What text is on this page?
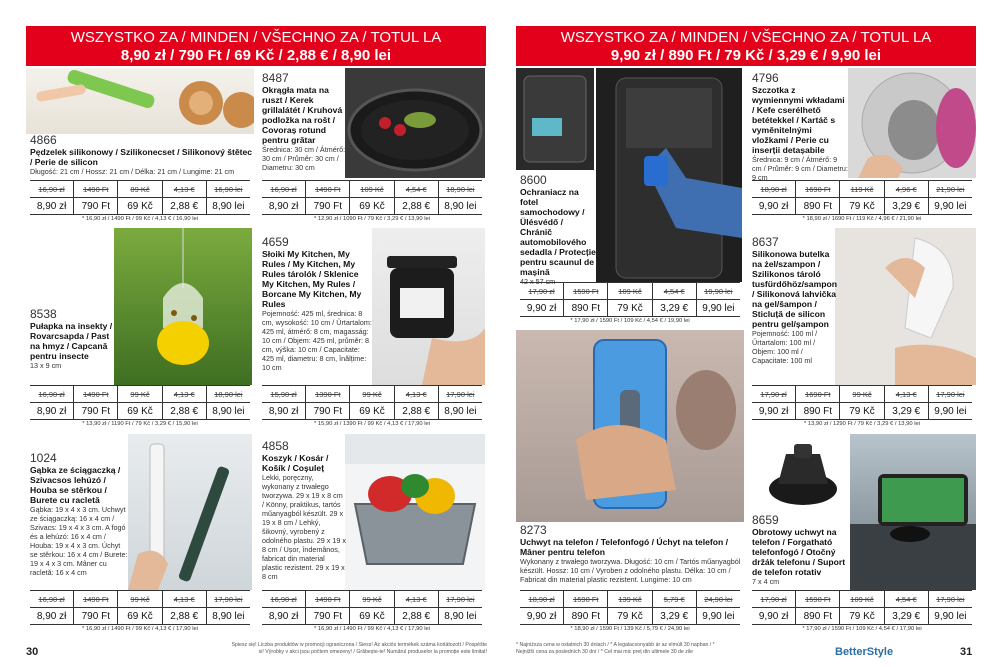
WSZYSTKO ZA / MINDEN / VŠECHNO ZA / TOTUL LA
8,90 zł / 790 Ft / 69 Kč / 2,88 € / 8,90 lei
4866
Pędzelek silikonowy / Szilikonecset / Silikonový štětec / Perie de silicon
Długość: 21 cm / Hossz: 21 cm / Délka: 21 cm / Lungime: 21 cm
16,90 zł	1490 Ft	89 Kč	4,13 €	16,90 lei
8,90 zł	790 Ft	69 Kč	2,88 €	8,90 lei
* 16,90 zł / 1490 Ft / 99 Kč / 4,13 € / 16,90 lei
8487
Okrągła mata na ruszt / Kerek grillalátét / Kruhová podložka na rošt / Covoraș rotund pentru grătar
Średnica: 30 cm / Átmérő: 30 cm / Průměr: 30 cm / Diametru: 30 cm
16,90 zł	1490 Ft	109 Kč	4,54 €	18,90 lei
8,90 zł	790 Ft	69 Kč	2,88 €	8,90 lei
* 12,90 zł / 1090 Ft / 79 Kč / 3,29 € / 13,90 lei
8538
Pułapka na insekty / Rovarcsapda / Past na hmyz / Capcană pentru insecte
13 x 9 cm
16,90 zł	1490 Ft	99 Kč	4,13 €	18,90 lei
8,90 zł	790 Ft	69 Kč	2,88 €	8,90 lei
* 13,90 zł / 1190 Ft / 79 Kč / 3,29 € / 15,90 lei
4659
Słoiki My Kitchen, My Rules / My Kitchen, My Rules tárolók / Sklenice My Kitchen, My Rules / Borcane My Kitchen, My Rules
Pojemność: 425 ml, średnica: 8 cm, wysokość: 10 cm / Űrtartalom: 425 ml, átmérő: 8 cm, magasság: 10 cm / Objem: 425 ml, průměr: 8 cm, výška: 10 cm / Capacitate: 425 ml, diametru: 8 cm, înălțime: 10 cm
15,90 zł	1390 Ft	99 Kč	4,13 €	17,90 lei
8,90 zł	790 Ft	69 Kč	2,88 €	8,90 lei
* 15,90 zł / 1390 Ft / 99 Kč / 4,13 € / 17,90 lei
1024
Gąbka ze ściągaczką / Szivacsos lehúzó / Houba se stěrkou / Burete cu racletă
Gąbka: 19 x 4 x 3 cm. Uchwyt ze ściągaczką: 16 x 4 cm / Szivacs: 19 x 4 x 3 cm. A fogó és a lehúzó: 16 x 4 cm / Houba: 19 x 4 x 3 cm. Úchyt se stěrkou: 16 x 4 cm / Burete: 19 x 4 x 3 cm. Mâner cu racletă: 16 x 4 cm
16,90 zł	1490 Ft	99 Kč	4,13 €	17,90 lei
8,90 zł	790 Ft	69 Kč	2,88 €	8,90 lei
* 16,90 zł / 1490 Ft / 99 Kč / 4,13 € / 17,90 lei
4858
Koszyk / Kosár / Košík / Coșuleț
Lekki, poręczny, wykonany z trwałego tworzywa. 29 x 19 x 8 cm / Könny, praktikus, tartós műanyagból készült. 29 x 19 x 8 cm / Lehký, šikovný, vyrobený z odolného plastu. 29 x 19 x 8 cm / Ușor, îndemânos, fabricat din material plastic rezistent. 29 x 19 x 8 cm
16,90 zł	1490 Ft	99 Kč	4,13 €	17,90 lei
8,90 zł	790 Ft	69 Kč	2,88 €	8,90 lei
* 16,90 zł / 1490 Ft / 99 Kč / 4,13 € / 17,90 lei
30
Spiesz się! Liczba produktów w promocji ograniczona / Siess! Az akciós termékek száma korlátozott / Pospěšte si! Výrobky v akci jsou počtem omezeny! / Grăbește-te! Numărul produselor la promoție este limitat!
WSZYSTKO ZA / MINDEN / VŠECHNO ZA / TOTUL LA
9,90 zł / 890 Ft / 79 Kč / 3,29 € / 9,90 lei
8600
Ochraniacz na fotel samochodowy / Ülésvédő / Chránič automobilového sedadla / Protecție pentru scaunul de mașină
42 x 57 cm
17,90 zł	1590 Ft	109 Kč	4,54 €	19,90 lei
9,90 zł	890 Ft	79 Kč	3,29 €	9,90 lei
* 17,90 zł / 1590 Ft / 109 Kč / 4,54 € / 19,90 lei
4796
Szczotka z wymiennymi wkładami / Kefe cserélhető betétekkel / Kartáč s vyměnitelnými vložkami / Perie cu inserții detașabile
Średnica: 9 cm / Átmérő: 9 cm / Průměr: 9 cm / Diametru: 9 cm
18,90 zł	1690 Ft	119 Kč	4,96 €	21,90 lei
9,90 zł	890 Ft	79 Kč	3,29 €	9,90 lei
* 18,90 zł / 1690 Ft / 119 Kč / 4,96 € / 21,90 lei
8637
Silikonowa butelka na żel/szampon / Szilikonos tároló tusfürdőhöz/sampon / Silikonová lahvička na gel/šampon / Sticluță de silicon pentru gel/șampon
Pojemność: 100 ml / Űrtartalom: 100 ml / Objem: 100 ml / Capacitate: 100 ml
17,90 zł	1690 Ft	99 Kč	4,13 €	17,90 lei
9,90 zł	890 Ft	79 Kč	3,29 €	9,90 lei
* 13,90 zł / 1290 Ft / 79 Kč / 3,29 € / 13,90 lei
8273
Uchwyt na telefon / Telefonfogó / Úchyt na telefon / Mâner pentru telefon
Wykonany z trwałego tworzywa. Długość: 10 cm / Tartós műanyagból készült. Hossz: 10 cm / Vyroben z odolného plastu. Délka: 10 cm / Fabricat din material plastic rezistent. Lungime: 10 cm
18,90 zł	1590 Ft	139 Kč	5,79 €	24,90 lei
9,90 zł	890 Ft	79 Kč	3,29 €	9,90 lei
* 18,90 zł / 1590 Ft / 139 Kč / 5,79 € / 24,90 lei
8659
Obrotowy uchwyt na telefon / Forgatható telefonfogó / Otočný držák telefonu / Suport de telefon rotativ
7 x 4 cm
17,90 zł	1590 Ft	109 Kč	4,54 €	17,90 lei
9,90 zł	890 Ft	79 Kč	3,29 €	9,90 lei
* 17,90 zł / 1590 Ft / 109 Kč / 4,54 € / 17,90 lei
* Najniższa cena w ostatnich 30 dniach / * A legalacsonyabb ár az elmúlt 30 napban / * Nejnižší cena za posledních 30 dní / * Cel mai mic preț din ultimele 30 de zile	BetterStyle	31
